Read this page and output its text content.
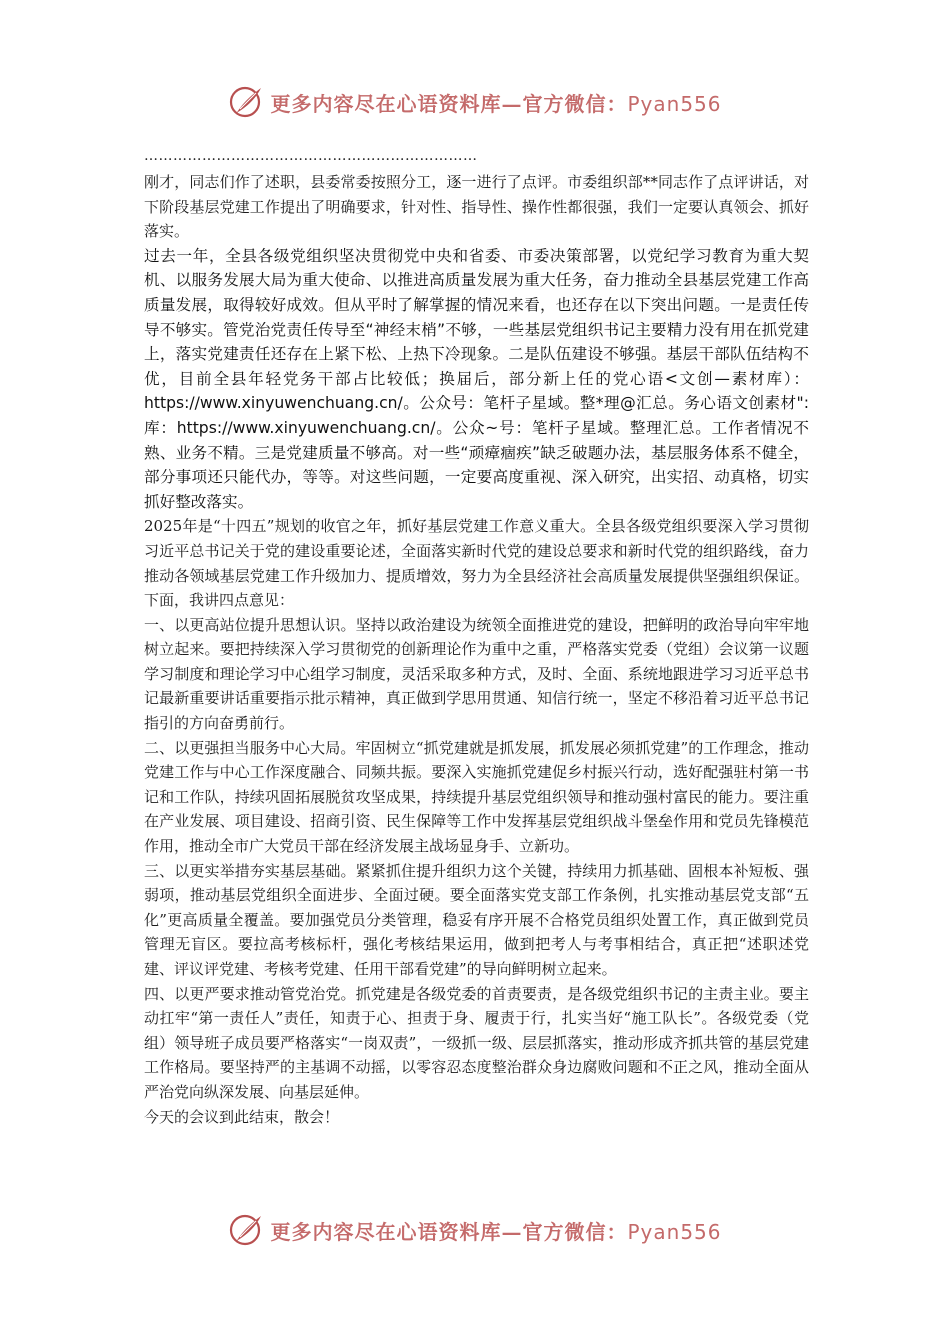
更多内容尽在心语资料库—官方微信：Pyan556
……………………………………………………………

刚才，同志们作了述职，县委常委按照分工，逐一进行了点评。市委组织部**同志作了点评讲话，对下阶段基层党建工作提出了明确要求，针对性、指导性、操作性都很强，我们一定要认真领会、抓好落实。

过去一年，全县各级党组织坚决贯彻党中央和省委、市委决策部署，以党纪学习教育为重大契机、以服务发展大局为重大使命、以推进高质量发展为重大任务，奋力推动全县基层党建工作高质量发展，取得较好成效。但从平时了解掌握的情况来看，也还存在以下突出问题。一是责任传导不够实。管党治党责任传导至“神经末梢”不够，一些基层党组织书记主要精力没有用在抓党建上，落实党建责任还存在上紧下松、上热下冷现象。二是队伍建设不够强。基层干部队伍结构不优，目前全县年轻党务干部占比较低；换届后，部分新上任的党心语<文创—素材库）：https://www.xinyuwenchuang.cn/。公众号：笔杆子星域。整*理@汇总。务心语文创素材":库：https://www.xinyuwenchuang.cn/。公众~号：笔杆子星域。整理汇总。工作者情况不熟、业务不精。三是党建质量不够高。对一些“顽瘴痼疾”缺乏破题办法，基层服务体系不健全，部分事项还只能代办，等等。对这些问题，一定要高度重视、深入研究，出实招、动真格，切实抓好整改落实。

2025年是“十四五”规划的收官之年，抓好基层党建工作意义重大。全县各级党组织要深入学习贯彻习近平总书记关于党的建设重要论述，全面落实新时代党的建设总要求和新时代党的组织路线，奋力推动各领域基层党建工作升级加力、提质增效，努力为全县经济社会高质量发展提供坚强组织保证。下面，我讲四点意见：

一、以更高站位提升思想认识。坚持以政治建设为统领全面推进党的建设，把鲜明的政治导向牢牢地树立起来。要把持续深入学习贯彻党的创新理论作为重中之重，严格落实党委（党组）会议第一议题学习制度和理论学习中心组学习制度，灵活采取多种方式，及时、全面、系统地跟进学习习近平总书记最新重要讲话重要指示批示精神，真正做到学思用贯通、知信行统一，坚定不移沿着习近平总书记指引的方向奋勇前行。

二、以更强担当服务中心大局。牢固树立“抓党建就是抓发展，抓发展必须抓党建”的工作理念，推动党建工作与中心工作深度融合、同频共振。要深入实施抓党建促乡村振兴行动，选好配强驻村第一书记和工作队，持续巩固拓展脱贫攻坚成果，持续提升基层党组织领导和推动强村富民的能力。要注重在产业发展、项目建设、招商引资、民生保障等工作中发挥基层党组织战斗堡垒作用和党员先锋模范作用，推动全市广大党员干部在经济发展主战场显身手、立新功。

三、以更实举措夯实基层基础。紧紧抓住提升组织力这个关键，持续用力抓基础、固根本补短板、强弱项，推动基层党组织全面进步、全面过硬。要全面落实党支部工作条例，扎实推动基层党支部“五化”更高质量全覆盖。要加强党员分类管理，稳妥有序开展不合格党员组织处置工作，真正做到党员管理无盲区。要拉高考核标杆，强化考核结果运用，做到把考人与考事相结合，真正把“述职述党建、评议评党建、考核考党建、任用干部看党建”的导向鲜明树立起来。

四、以更严要求推动管党治党。抓党建是各级党委的首责要责，是各级党组织书记的主责主业。要主动扛牢“第一责任人”责任，知责于心、担责于身、履责于行，扎实当好“施工队长”。各级党委（党组）领导班子成员要严格落实“一岗双责”，一级抓一级、层层抓落实，推动形成齐抓共管的基层党建工作格局。要坚持严的主基调不动摇，以零容忍态度整治群众身边腐败问题和不正之风，推动全面从严治党向纵深发展、向基层延伸。

今天的会议到此结束，散会！

更多内容尽在心语资料库—官方微信：Pyan556
